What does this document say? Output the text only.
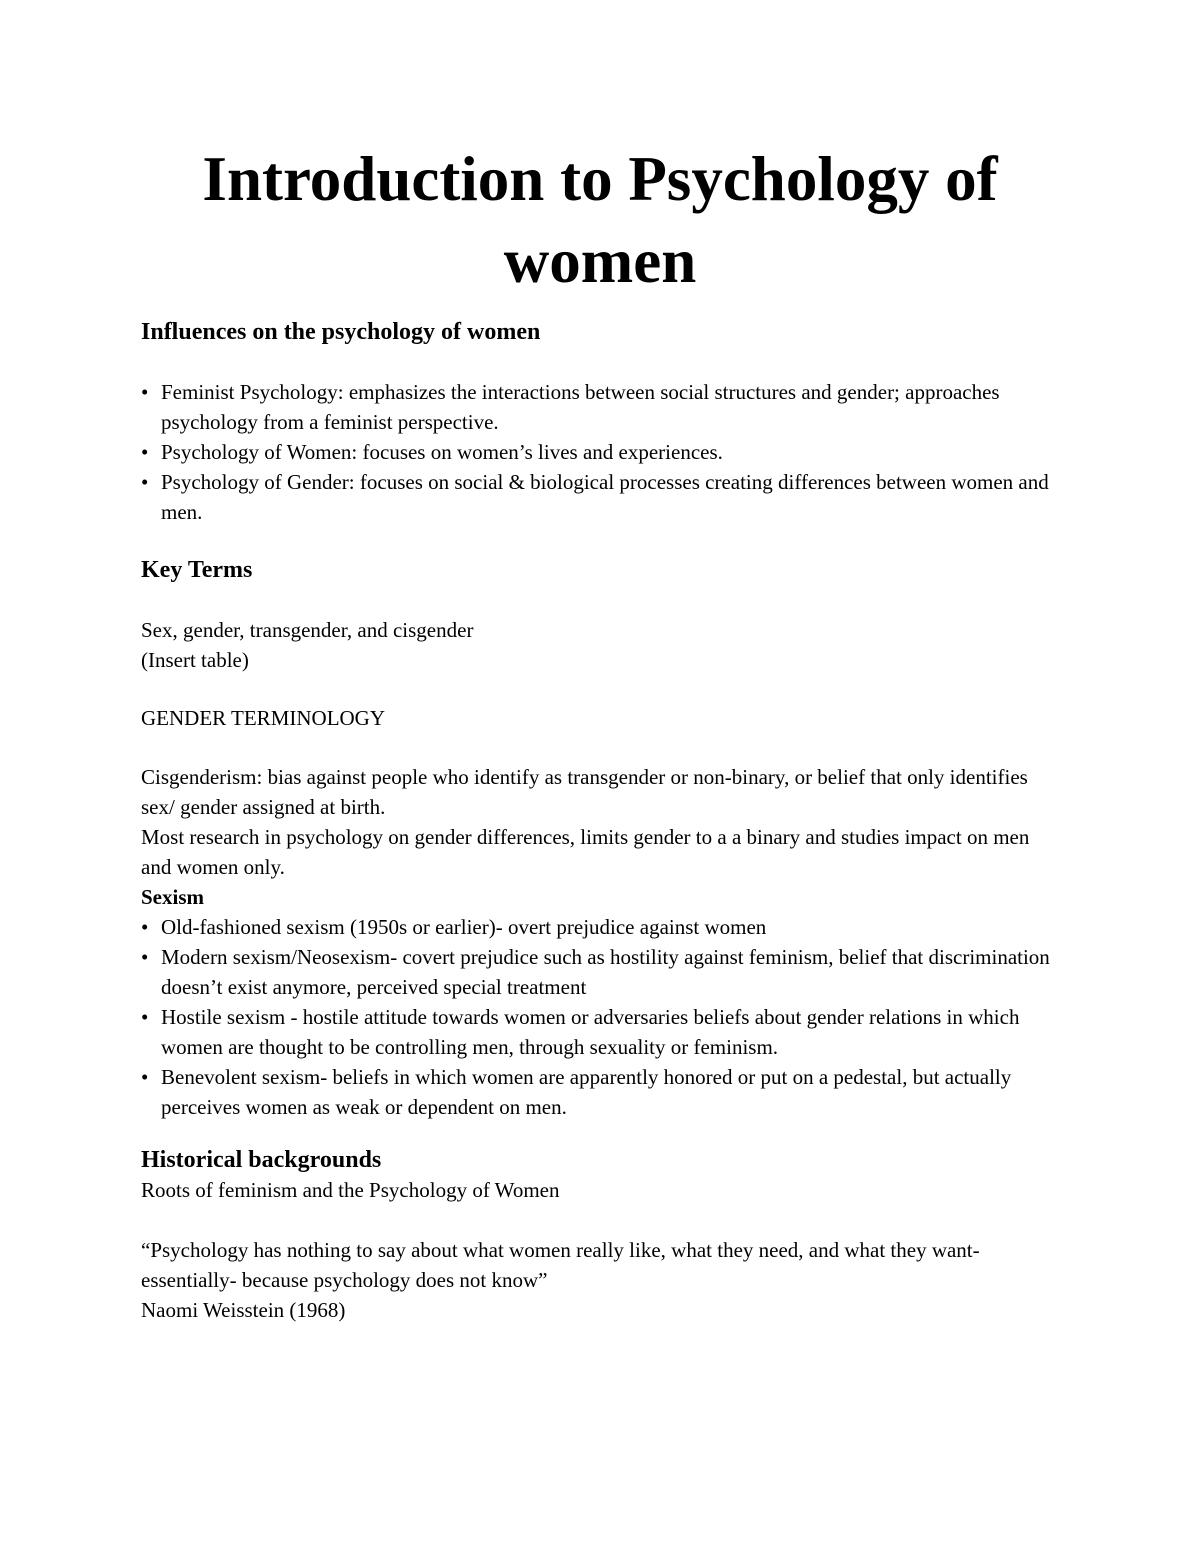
Introduction to Psychology of women

Influences on the psychology of women

• Feminist Psychology: emphasizes the interactions between social structures and gender; approaches psychology from a feminist perspective.
• Psychology of Women: focuses on women’s lives and experiences.
• Psychology of Gender: focuses on social & biological processes creating differences between women and men.

Key Terms

Sex, gender, transgender, and cisgender

(Insert table)

GENDER TERMINOLOGY

Cisgenderism: bias against people who identify as transgender or non-binary, or belief that only identifies sex/ gender assigned at birth.

Most research in psychology on gender differences, limits gender to a a binary and studies impact on men and women only.

Sexism

• Old-fashioned sexism (1950s or earlier)- overt prejudice against women
• Modern sexism/Neosexism- covert prejudice such as hostility against feminism, belief that discrimination doesn’t exist anymore, perceived special treatment
• Hostile sexism - hostile attitude towards women or adversaries beliefs about gender relations in which women are thought to be controlling men, through sexuality or feminism.
• Benevolent sexism- beliefs in which women are apparently honored or put on a pedestal, but actually perceives women as weak or dependent on men.

Historical backgrounds

Roots of feminism and the Psychology of Women

“Psychology has nothing to say about what women really like, what they need, and what they want- essentially- because psychology does not know”

Naomi Weisstein (1968)
